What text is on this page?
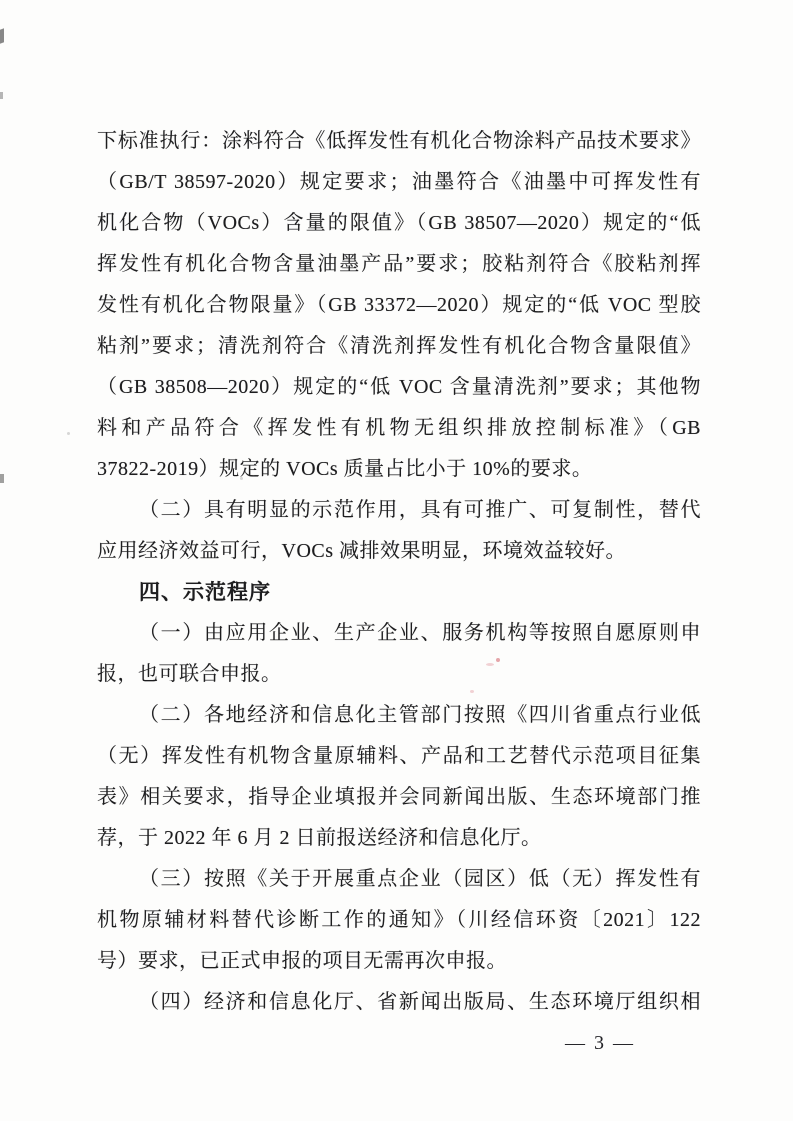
下标准执行：涂料符合《低挥发性有机化合物涂料产品技术要求》
（GB/T 38597-2020）规定要求；油墨符合《油墨中可挥发性有
机化合物（VOCs）含量的限值》（GB 38507—2020）规定的“低
挥发性有机化合物含量油墨产品”要求；胶粘剂符合《胶粘剂挥
发性有机化合物限量》（GB 33372—2020）规定的“低 VOC 型胶
粘剂”要求；清洗剂符合《清洗剂挥发性有机化合物含量限值》
（GB 38508—2020）规定的“低 VOC 含量清洗剂”要求；其他物
料和产品符合《挥发性有机物无组织排放控制标准》（GB
37822-2019）规定的 VOCs 质量占比小于 10%的要求。
（二）具有明显的示范作用，具有可推广、可复制性，替代
应用经济效益可行，VOCs 减排效果明显，环境效益较好。
四、示范程序
（一）由应用企业、生产企业、服务机构等按照自愿原则申
报，也可联合申报。
（二）各地经济和信息化主管部门按照《四川省重点行业低
（无）挥发性有机物含量原辅料、产品和工艺替代示范项目征集
表》相关要求，指导企业填报并会同新闻出版、生态环境部门推
荐，于 2022 年 6 月 2 日前报送经济和信息化厅。
（三）按照《关于开展重点企业（园区）低（无）挥发性有
机物原辅材料替代诊断工作的通知》（川经信环资〔2021〕122
号）要求，已正式申报的项目无需再次申报。
（四）经济和信息化厅、省新闻出版局、生态环境厅组织相
— 3 —
